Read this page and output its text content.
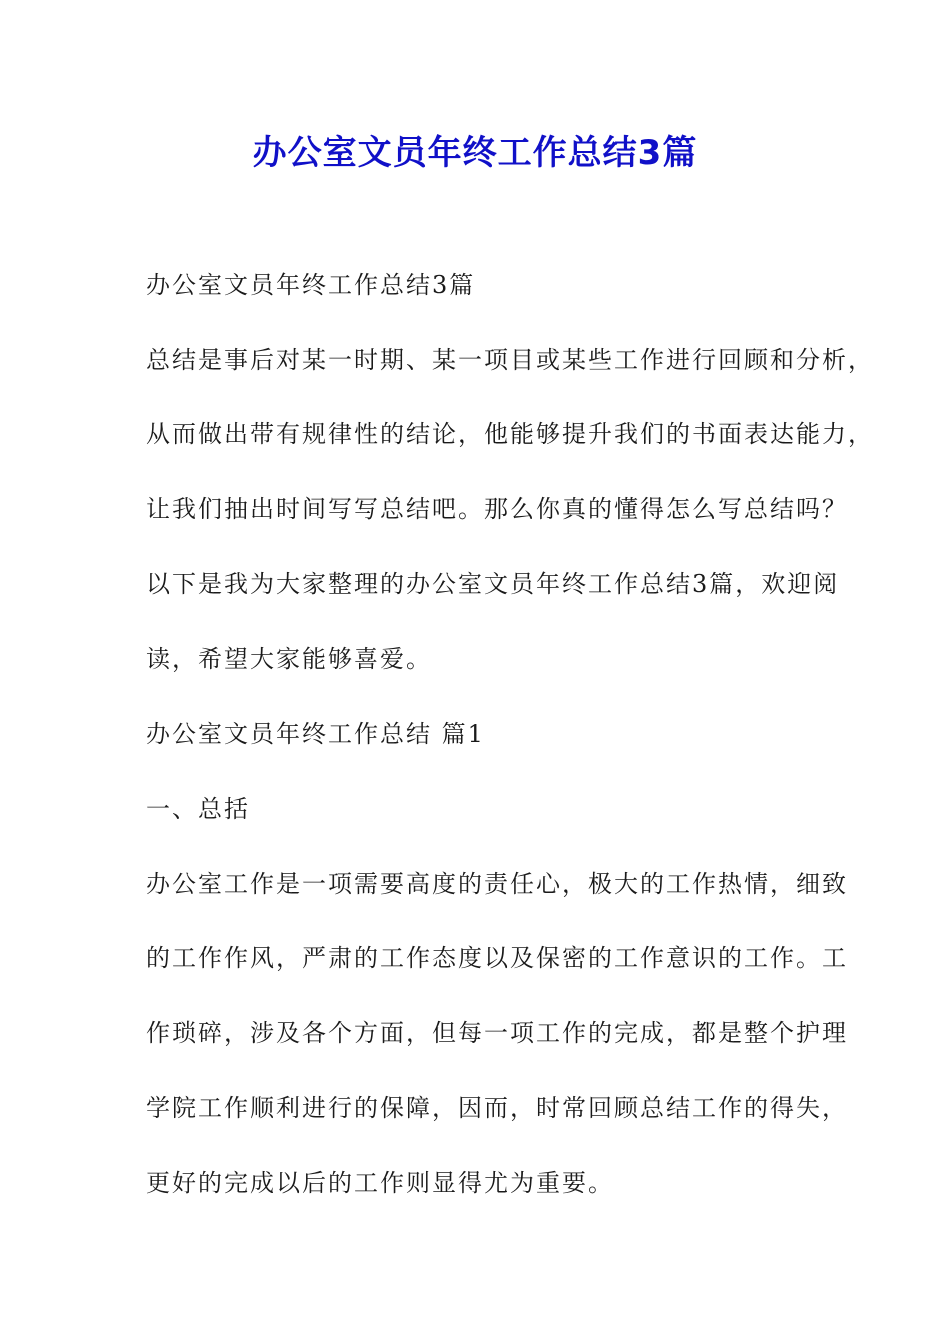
办公室文员年终工作总结3篇
办公室文员年终工作总结3篇
总结是事后对某一时期、某一项目或某些工作进行回顾和分析，
从而做出带有规律性的结论，他能够提升我们的书面表达能力，
让我们抽出时间写写总结吧。那么你真的懂得怎么写总结吗？
以下是我为大家整理的办公室文员年终工作总结3篇，欢迎阅
读，希望大家能够喜爱。
办公室文员年终工作总结 篇1
一、总括
办公室工作是一项需要高度的责任心，极大的工作热情，细致
的工作作风，严肃的工作态度以及保密的工作意识的工作。工
作琐碎，涉及各个方面，但每一项工作的完成，都是整个护理
学院工作顺利进行的保障，因而，时常回顾总结工作的得失，
更好的完成以后的工作则显得尤为重要。
